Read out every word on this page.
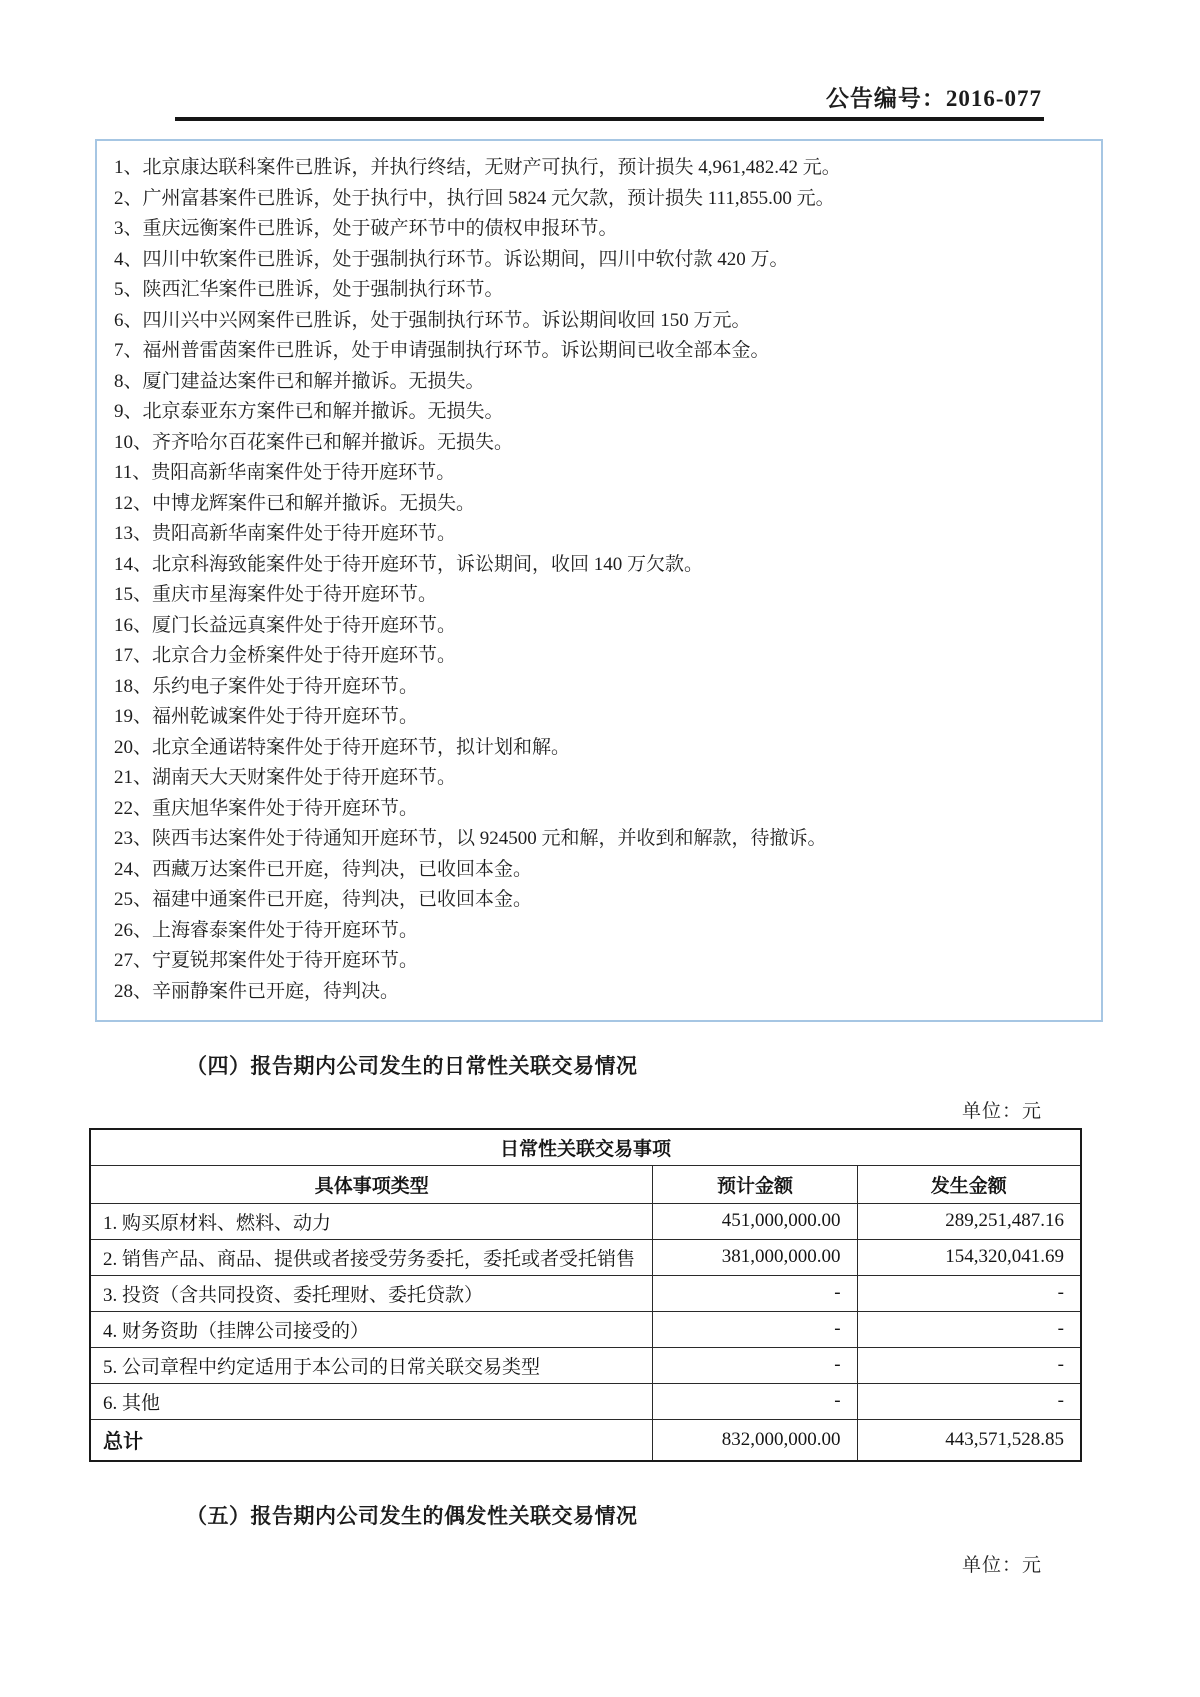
公告编号：2016-077
1、北京康达联科案件已胜诉，并执行终结，无财产可执行，预计损失 4,961,482.42 元。
2、广州富碁案件已胜诉，处于执行中，执行回 5824 元欠款，预计损失 111,855.00 元。
3、重庆远衡案件已胜诉，处于破产环节中的债权申报环节。
4、四川中软案件已胜诉，处于强制执行环节。诉讼期间，四川中软付款 420 万。
5、陕西汇华案件已胜诉，处于强制执行环节。
6、四川兴中兴网案件已胜诉，处于强制执行环节。诉讼期间收回 150 万元。
7、福州普雷茵案件已胜诉，处于申请强制执行环节。诉讼期间已收全部本金。
8、厦门建益达案件已和解并撤诉。无损失。
9、北京泰亚东方案件已和解并撤诉。无损失。
10、齐齐哈尔百花案件已和解并撤诉。无损失。
11、贵阳高新华南案件处于待开庭环节。
12、中博龙辉案件已和解并撤诉。无损失。
13、贵阳高新华南案件处于待开庭环节。
14、北京科海致能案件处于待开庭环节，诉讼期间，收回 140 万欠款。
15、重庆市星海案件处于待开庭环节。
16、厦门长益远真案件处于待开庭环节。
17、北京合力金桥案件处于待开庭环节。
18、乐约电子案件处于待开庭环节。
19、福州乾诚案件处于待开庭环节。
20、北京全通诺特案件处于待开庭环节，拟计划和解。
21、湖南天大天财案件处于待开庭环节。
22、重庆旭华案件处于待开庭环节。
23、陕西韦达案件处于待通知开庭环节，以 924500 元和解，并收到和解款，待撤诉。
24、西藏万达案件已开庭，待判决，已收回本金。
25、福建中通案件已开庭，待判决，已收回本金。
26、上海睿泰案件处于待开庭环节。
27、宁夏锐邦案件处于待开庭环节。
28、辛丽静案件已开庭，待判决。
（四）报告期内公司发生的日常性关联交易情况
单位：元
日常性关联交易事项		
具体事项类型	预计金额	发生金额
1. 购买原材料、燃料、动力	451,000,000.00	289,251,487.16
2. 销售产品、商品、提供或者接受劳务委托，委托或者受托销售	381,000,000.00	154,320,041.69
3. 投资（含共同投资、委托理财、委托贷款）	-	-
4. 财务资助（挂牌公司接受的）	-	-
5. 公司章程中约定适用于本公司的日常关联交易类型	-	-
6. 其他	-	-
总计	832,000,000.00	443,571,528.85
（五）报告期内公司发生的偶发性关联交易情况
单位：元
